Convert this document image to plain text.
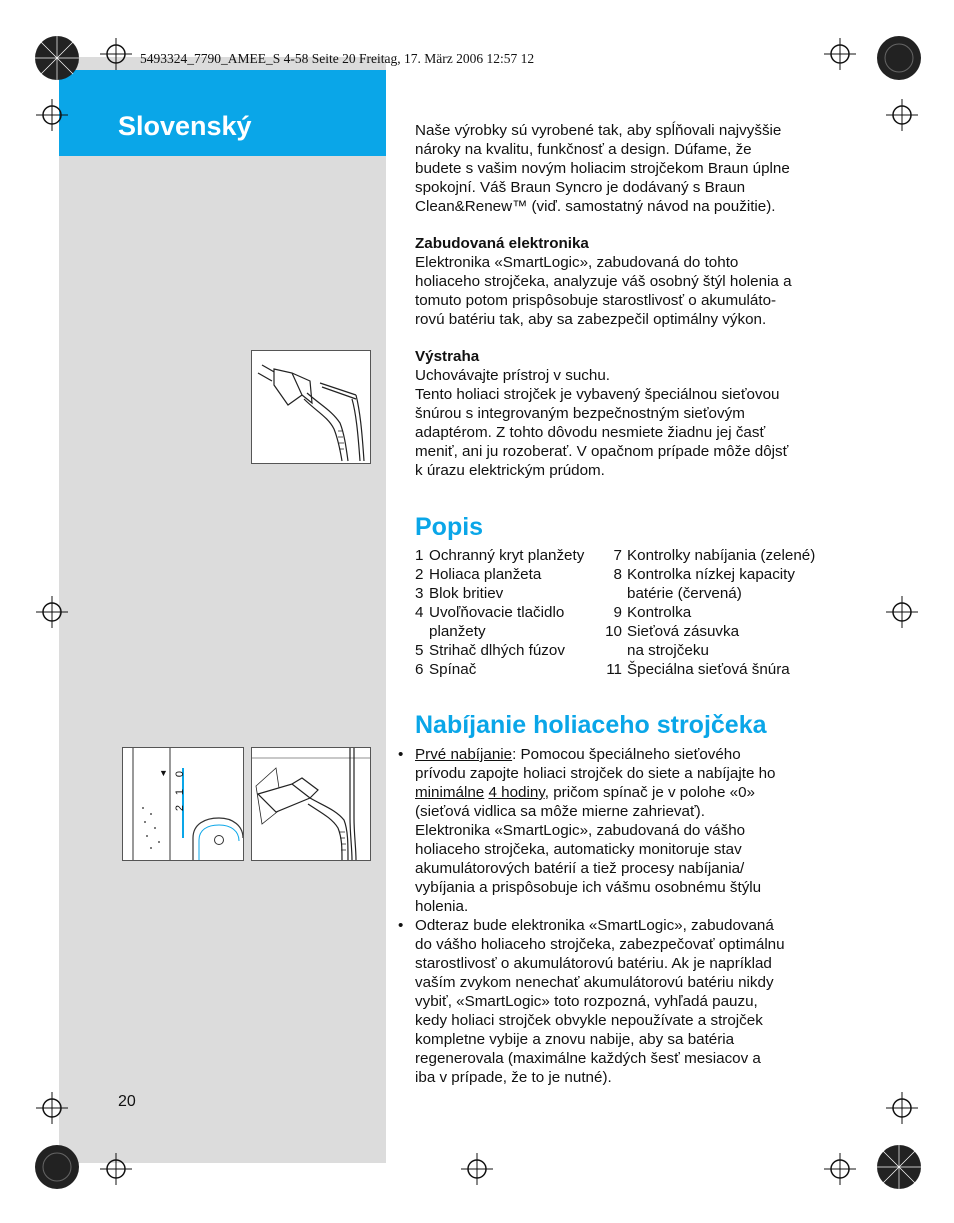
Slovenský
5493324_7790_AMEE_S 4-58 Seite 20 Freitag, 17. März 2006 12:57 12
20
Naše výrobky sú vyrobené tak, aby spĺňovali najvyššie
nároky na kvalitu, funkčnosť a design. Dúfame, že
budete s vašim novým holiacim strojčekom Braun úplne
spokojní. Váš Braun Syncro je dodávaný s Braun
Clean&Renew™ (viď. samostatný návod na použitie).
Zabudovaná elektronika
Elektronika «SmartLogic», zabudovaná do tohto
holiaceho strojčeka, analyzuje váš osobný štýl holenia a
tomuto potom prispôsobuje starostlivosť o akumuláto-
rovú batériu tak, aby sa zabezpečil optimálny výkon.
Výstraha
Uchovávajte prístroj v suchu.
Tento holiaci strojček je vybavený špeciálnou sieťovou
šnúrou s integrovaným bezpečnostným sieťovým
adaptérom. Z tohto dôvodu nesmiete žiadnu jej časť
meniť, ani ju rozoberať. V opačnom prípade môže dôjsť
k úrazu elektrickým prúdom.
Popis
1 Ochranný kryt planžety
2 Holiaca planžeta
3 Blok britiev
4 Uvoľňovacie tlačidlo
planžety
5 Strihač dlhých fúzov
6 Spínač
7 Kontrolky nabíjania (zelené)
8 Kontrolka nízkej kapacity
batérie (červená)
9 Kontrolka
10 Sieťová zásuvka
na strojčeku
11 Špeciálna sieťová šnúra
Nabíjanie holiaceho strojčeka
• Prvé nabíjanie: Pomocou špeciálneho sieťového
prívodu zapojte holiaci strojček do siete a nabíjajte ho
minimálne 4 hodiny, pričom spínač je v polohe «0»
(sieťová vidlica sa môže mierne zahrievať).
Elektronika «SmartLogic», zabudovaná do vášho
holiaceho strojčeka, automaticky monitoruje stav
akumulátorových batérií a tiež procesy nabíjania/
vybíjania a prispôsobuje ich vášmu osobnému štýlu
holenia.
• Odteraz bude elektronika «SmartLogic», zabudovaná
do vášho holiaceho strojčeka, zabezpečovať optimálnu
starostlivosť o akumulátorovú batériu. Ak je napríklad
vaším zvykom nenechať akumulátorovú batériu nikdy
vybiť, «SmartLogic» toto rozpozná, vyhľadá pauzu,
kedy holiaci strojček obvykle nepoužívate a strojček
kompletne vybije a znovu nabije, aby sa batéria
regenerovala (maximálne každých šesť mesiacov a
iba v prípade, že to je nutné).
▼ 0
1
2
